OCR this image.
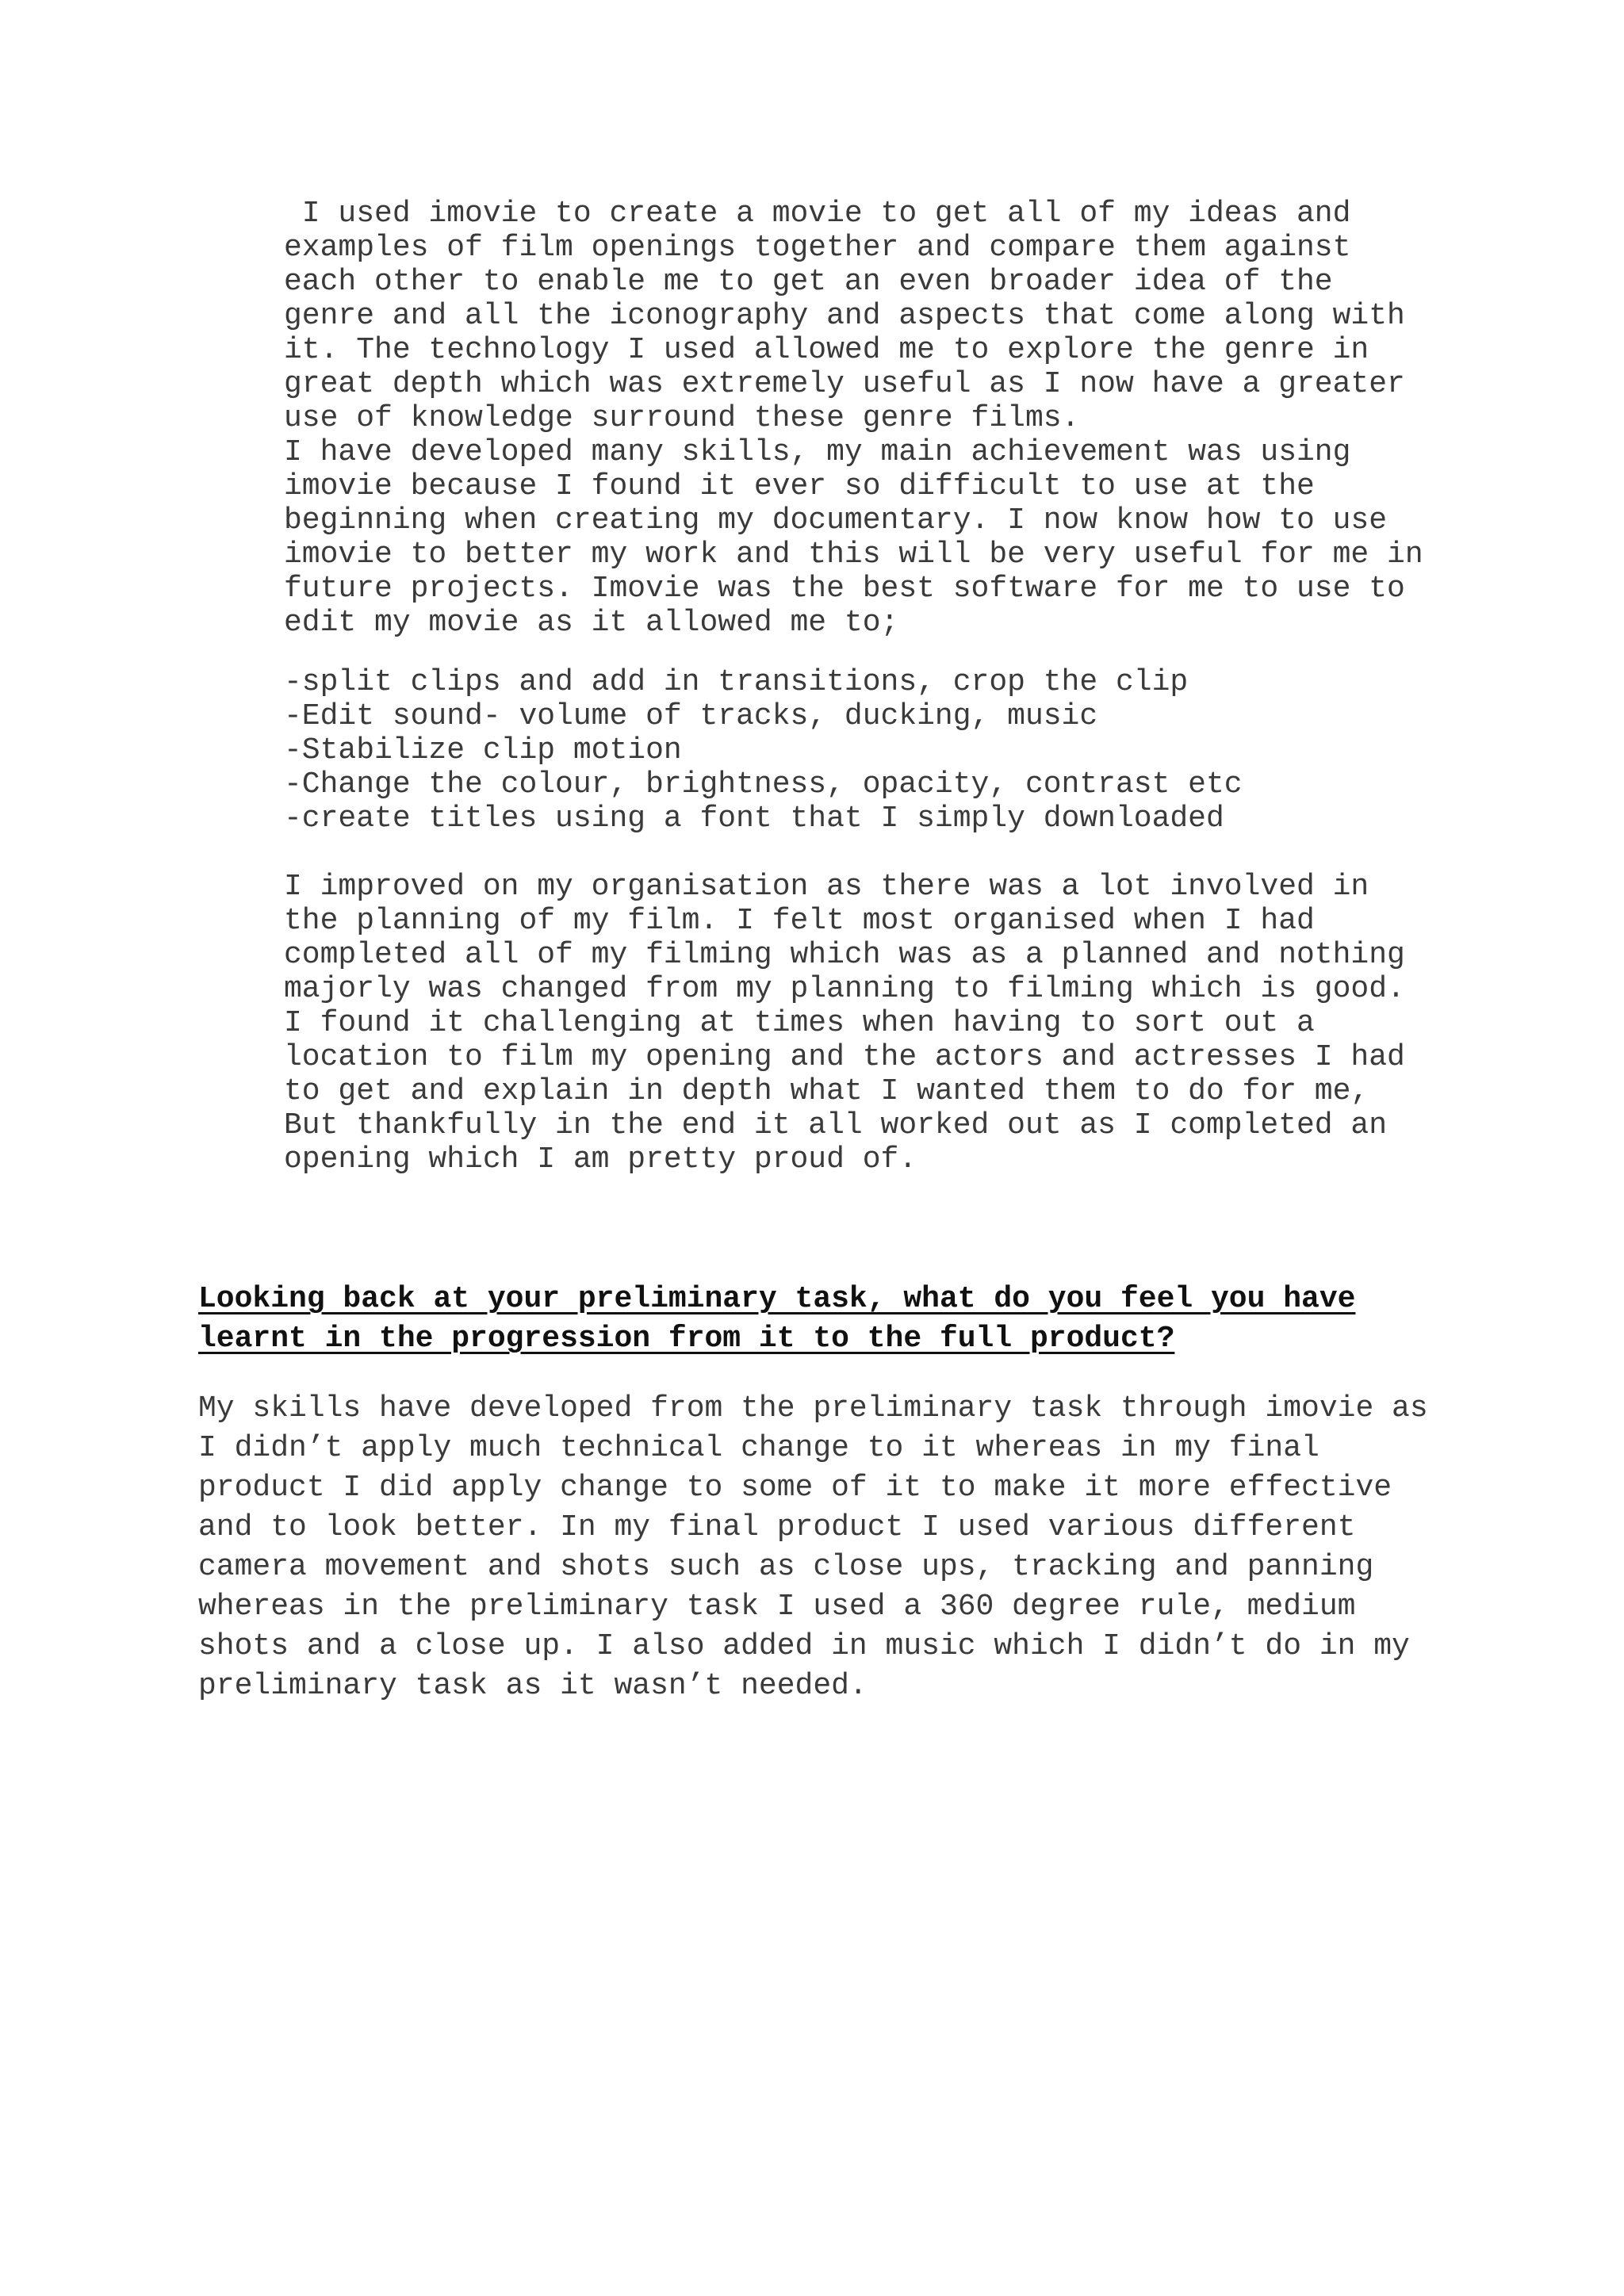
I used imovie to create a movie to get all of my ideas and
examples of film openings together and compare them against
each other to enable me to get an even broader idea of the
genre and all the iconography and aspects that come along with
it. The technology I used allowed me to explore the genre in
great depth which was extremely useful as I now have a greater
use of knowledge surround these genre films.
I have developed many skills, my main achievement was using
imovie because I found it ever so difficult to use at the
beginning when creating my documentary. I now know how to use
imovie to better my work and this will be very useful for me in
future projects. Imovie was the best software for me to use to
edit my movie as it allowed me to;
-split clips and add in transitions, crop the clip
-Edit sound- volume of tracks, ducking, music
-Stabilize clip motion
-Change the colour, brightness, opacity, contrast etc
-create titles using a font that I simply downloaded
I improved on my organisation as there was a lot involved in
the planning of my film. I felt most organised when I had
completed all of my filming which was as a planned and nothing
majorly was changed from my planning to filming which is good.
I found it challenging at times when having to sort out a
location to film my opening and the actors and actresses I had
to get and explain in depth what I wanted them to do for me,
But thankfully in the end it all worked out as I completed an
opening which I am pretty proud of.
Looking back at your preliminary task, what do you feel you have
learnt in the progression from it to the full product?
My skills have developed from the preliminary task through imovie as
I didn’t apply much technical change to it whereas in my final
product I did apply change to some of it to make it more effective
and to look better. In my final product I used various different
camera movement and shots such as close ups, tracking and panning
whereas in the preliminary task I used a 360 degree rule, medium
shots and a close up. I also added in music which I didn’t do in my
preliminary task as it wasn’t needed.
